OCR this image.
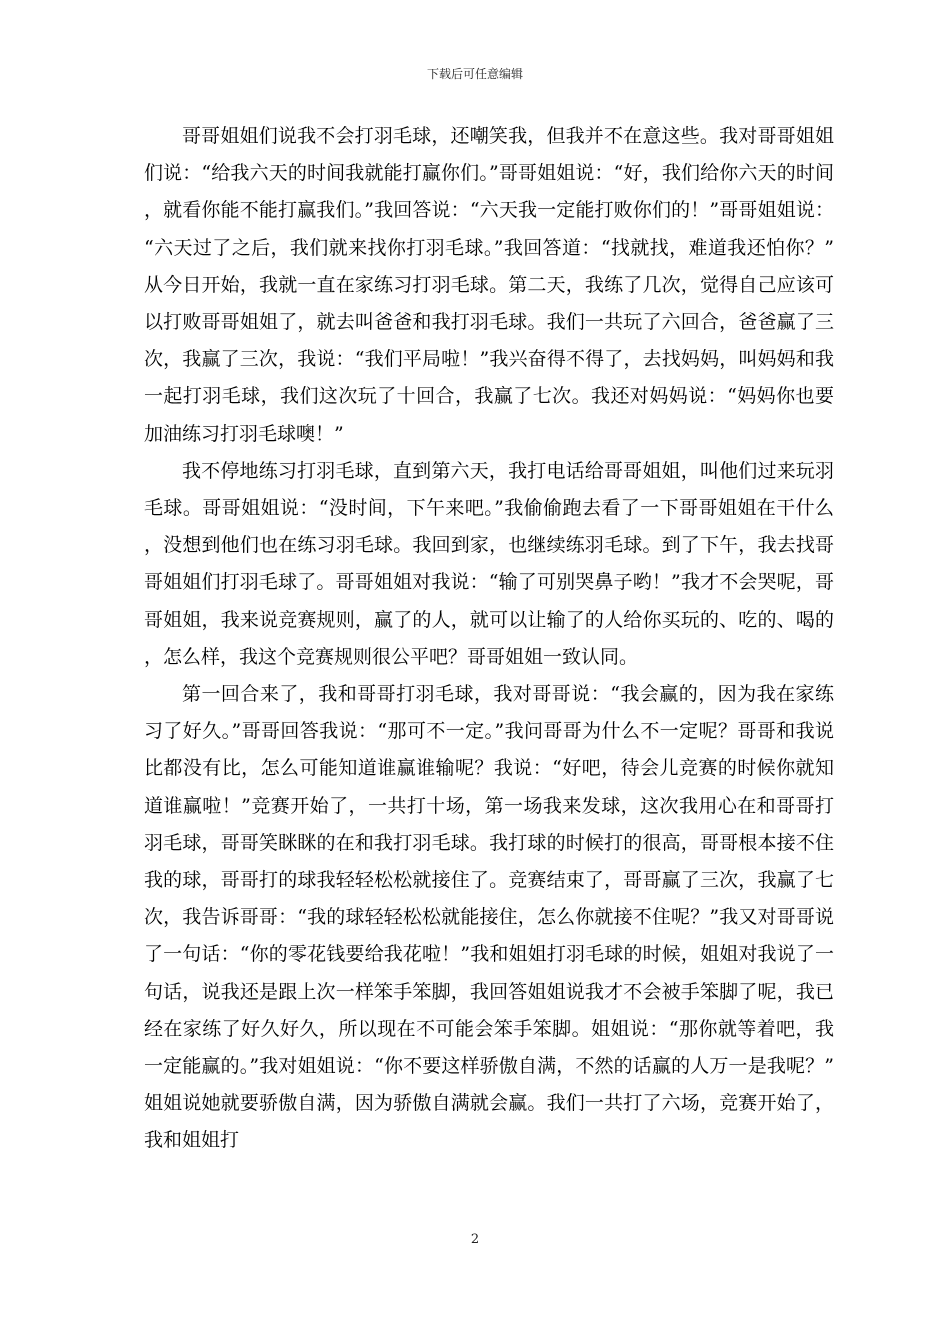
下载后可任意编辑

哥哥姐姐们说我不会打羽毛球，还嘲笑我，但我并不在意这些。我对哥哥姐姐们说：“给我六天的时间我就能打赢你们。”哥哥姐姐说：“好，我们给你六天的时间，就看你能不能打赢我们。”我回答说：“六天我一定能打败你们的！”哥哥姐姐说：“六天过了之后，我们就来找你打羽毛球。”我回答道：“找就找，难道我还怕你？”从今日开始，我就一直在家练习打羽毛球。第二天，我练了几次，觉得自己应该可以打败哥哥姐姐了，就去叫爸爸和我打羽毛球。我们一共玩了六回合，爸爸赢了三次，我赢了三次，我说：“我们平局啦！”我兴奋得不得了，去找妈妈，叫妈妈和我一起打羽毛球，我们这次玩了十回合，我赢了七次。我还对妈妈说：“妈妈你也要加油练习打羽毛球噢！”

我不停地练习打羽毛球，直到第六天，我打电话给哥哥姐姐，叫他们过来玩羽毛球。哥哥姐姐说：“没时间，下午来吧。”我偷偷跑去看了一下哥哥姐姐在干什么，没想到他们也在练习羽毛球。我回到家，也继续练羽毛球。到了下午，我去找哥哥姐姐们打羽毛球了。哥哥姐姐对我说：“输了可别哭鼻子哟！”我才不会哭呢，哥哥姐姐，我来说竞赛规则，赢了的人，就可以让输了的人给你买玩的、吃的、喝的，怎么样，我这个竞赛规则很公平吧？哥哥姐姐一致认同。

第一回合来了，我和哥哥打羽毛球，我对哥哥说：“我会赢的，因为我在家练习了好久。”哥哥回答我说：“那可不一定。”我问哥哥为什么不一定呢？哥哥和我说比都没有比，怎么可能知道谁赢谁输呢？我说：“好吧，待会儿竞赛的时候你就知道谁赢啦！”竞赛开始了，一共打十场，第一场我来发球，这次我用心在和哥哥打羽毛球，哥哥笑眯眯的在和我打羽毛球。我打球的时候打的很高，哥哥根本接不住我的球，哥哥打的球我轻轻松松就接住了。竞赛结束了，哥哥赢了三次，我赢了七次，我告诉哥哥：“我的球轻轻松松就能接住，怎么你就接不住呢？”我又对哥哥说了一句话：“你的零花钱要给我花啦！”我和姐姐打羽毛球的时候，姐姐对我说了一句话，说我还是跟上次一样笨手笨脚，我回答姐姐说我才不会被手笨脚了呢，我已经在家练了好久好久，所以现在不可能会笨手笨脚。姐姐说：“那你就等着吧，我一定能赢的。”我对姐姐说：“你不要这样骄傲自满，不然的话赢的人万一是我呢？”姐姐说她就要骄傲自满，因为骄傲自满就会赢。我们一共打了六场，竞赛开始了，我和姐姐打

2
